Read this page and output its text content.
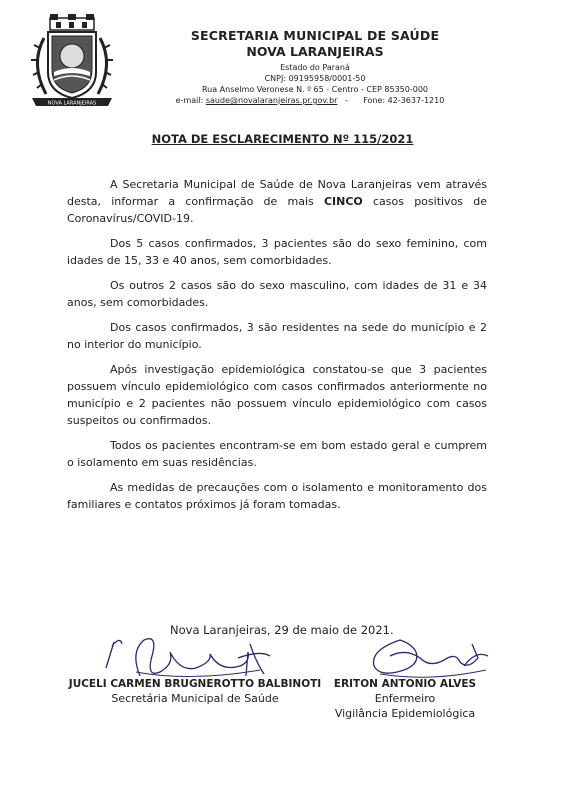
NOVA LARANJEIRAS
SECRETARIA MUNICIPAL DE SAÚDE
NOVA LARANJEIRAS
Estado do Paraná
CNPJ: 09195958/0001-50
Rua Anselmo Veronese N. º 65 - Centro - CEP 85350-000
e-mail: saude@novalaranjeiras.pr.gov.br   -      Fone: 42-3637-1210
NOTA DE ESCLARECIMENTO Nº 115/2021

A Secretaria Municipal de Saúde de Nova Laranjeiras vem através desta, informar a confirmação de mais CINCO casos positivos de Coronavírus/COVID-19.

Dos 5 casos confirmados, 3 pacientes são do sexo feminino, com idades de 15, 33 e 40 anos, sem comorbidades.

Os outros 2 casos são do sexo masculino, com idades de 31 e 34 anos, sem comorbidades.

Dos casos confirmados, 3 são residentes na sede do município e 2 no interior do município.

Após investigação epidemiológica constatou-se que 3 pacientes possuem vínculo epidemiológico com casos confirmados anteriormente no município e 2 pacientes não possuem vínculo epidemiológico com casos suspeitos ou confirmados.

Todos os pacientes encontram-se em bom estado geral e cumprem o isolamento em suas residências.

As medidas de precauções com o isolamento e monitoramento dos familiares e contatos próximos já foram tomadas.

Nova Laranjeiras, 29 de maio de 2021.
JUCELI CARMEN BRUGNEROTTO BALBINOTI
Secretária Municipal de Saúde
ERITON ANTONIO ALVES
Enfermeiro
Vigilância Epidemiológica
